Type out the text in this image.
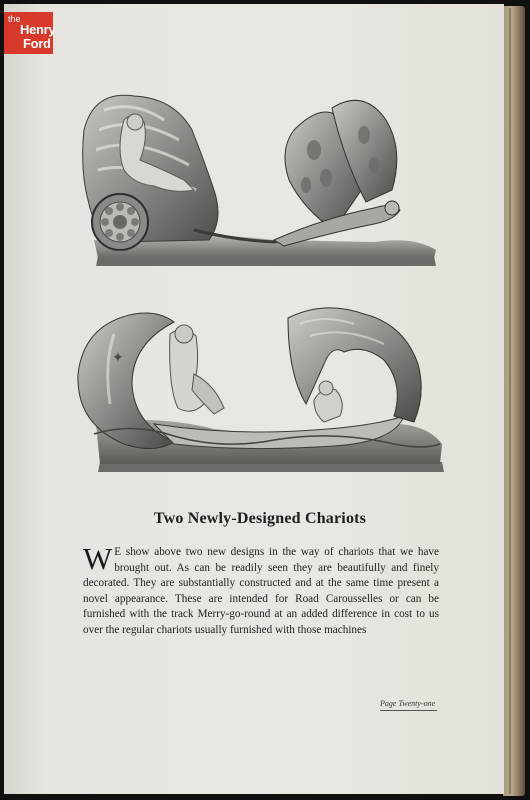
the
Henry
Ford
✦
Two Newly-Designed Chariots
W E show above two new designs in the way of chariots that we have brought out. As can be readily seen they are beautifully and finely decorated. They are substantially constructed and at the same time present a novel appearance. These are intended for Road Carousselles or can be furnished with the track Merry-go-round at an added difference in cost to us over the regular chariots usually furnished with those machines
Page Twenty-one
